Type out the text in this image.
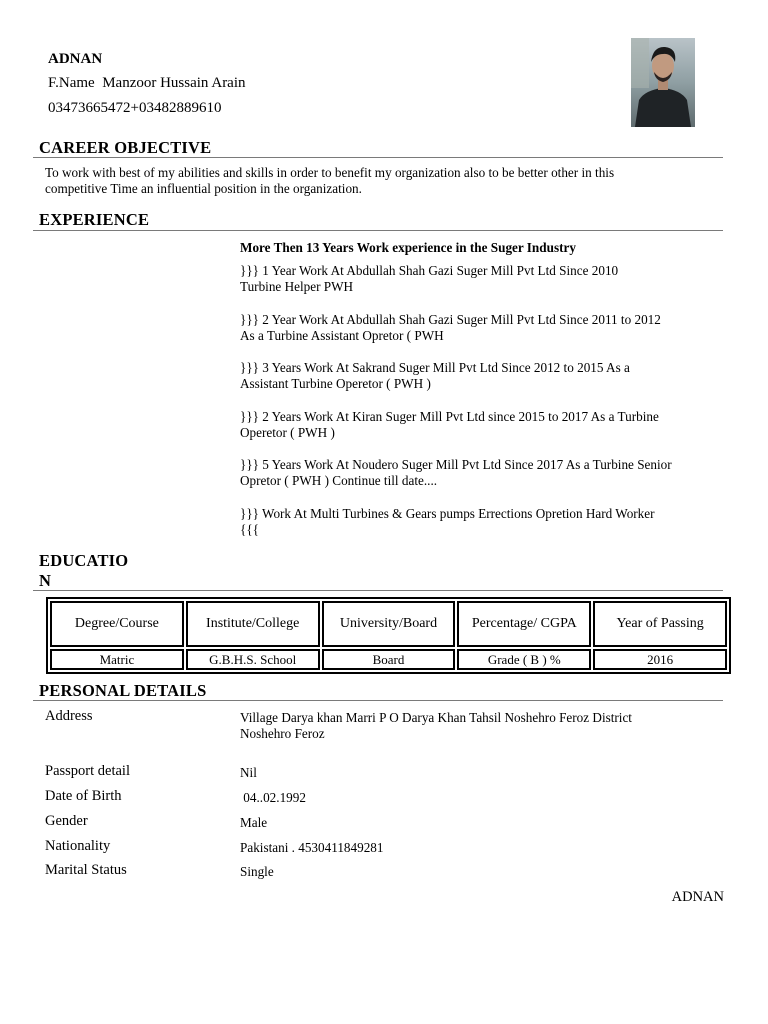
ADNAN
F.Name  Manzoor Hussain Arain
03473665472+03482889610
CAREER OBJECTIVE
To work with best of my abilities and skills in order to benefit my organization also to be better other in this
competitive Time an influential position in the organization.
EXPERIENCE
More Then 13 Years Work experience in the Suger Industry
}}} 1 Year Work At Abdullah Shah Gazi Suger Mill Pvt Ltd Since 2010
Turbine Helper PWH
}}} 2 Year Work At Abdullah Shah Gazi Suger Mill Pvt Ltd Since 2011 to 2012
As a Turbine Assistant Opretor ( PWH
}}} 3 Years Work At Sakrand Suger Mill Pvt Ltd Since 2012 to 2015 As a
Assistant Turbine Operetor ( PWH )
}}} 2 Years Work At Kiran Suger Mill Pvt Ltd since 2015 to 2017 As a Turbine
Operetor ( PWH )
}}} 5 Years Work At Noudero Suger Mill Pvt Ltd Since 2017 As a Turbine Senior
Opretor ( PWH ) Continue till date....
}}} Work At Multi Turbines & Gears pumps Errections Opretion Hard Worker
{{{
EDUCATIO
N
Degree/Course	Institute/College	University/Board	Percentage/ CGPA	Year of Passing
Matric	G.B.H.S. School	Board	Grade ( B ) %	2016
PERSONAL DETAILS
Address	Village Darya khan Marri P O Darya Khan Tahsil Noshehro Feroz District
Noshehro Feroz
Passport detail	Nil
Date of Birth	04..02.1992
Gender	Male
Nationality	Pakistani . 4530411849281
Marital Status	Single
ADNAN
